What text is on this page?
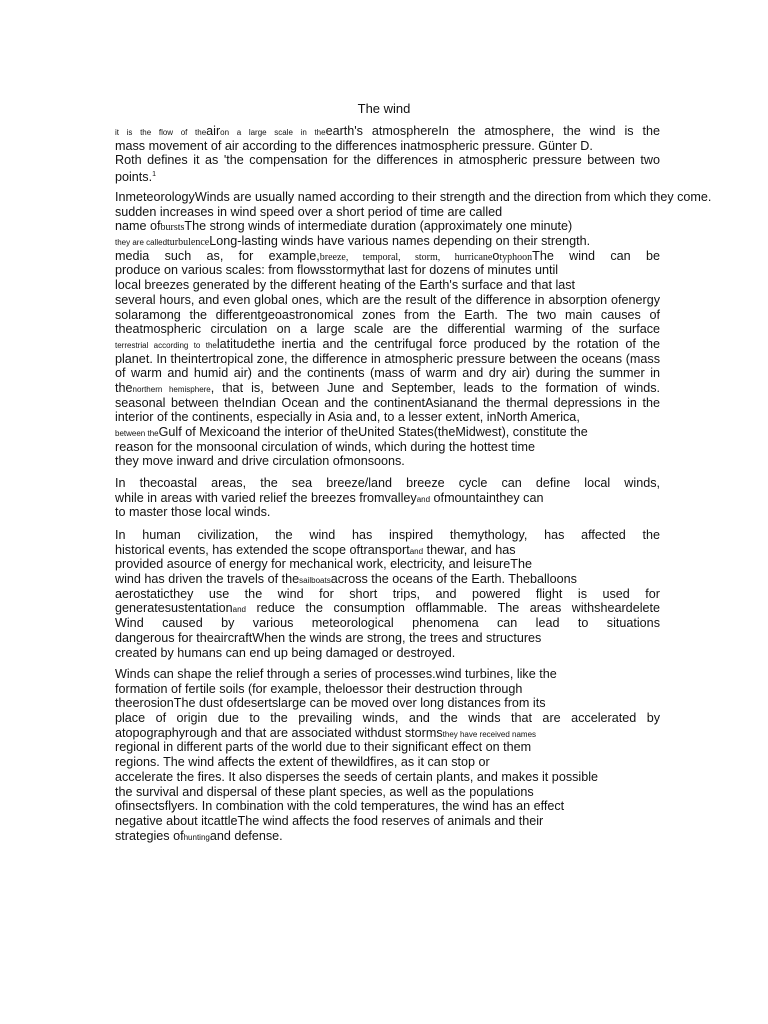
The wind
it is the flow of theairon a large scale in theearth's atmosphereIn the atmosphere, the wind is the
mass movement of air according to the differences inatmospheric pressure. Günter D.
Roth defines it as 'the compensation for the differences in atmospheric pressure between two
points.$^1$
InmeteorologyWinds are usually named according to their strength and the direction from which they come.
sudden increases in wind speed over a short period of time are called
name ofburstsThe strong winds of intermediate duration (approximately one minute)
they are calledturbulenceLong-lasting winds have various names depending on their strength.
media such as, for example,breeze, temporal, storm, hurricaneotyphoonThe wind can be
produce on various scales: from flowsstormythat last for dozens of minutes until
local breezes generated by the different heating of the Earth's surface and that last
several hours, and even global ones, which are the result of the difference in absorption ofenergy
solaramong the differentgeoastronomical zones from the Earth. The two main causes of
theatmospheric circulation on a large scale are the differential warming of the surface
terrestrial according to thelatitudethe inertia and the centrifugal force produced by the rotation of the
planet. In theintertropical zone, the difference in atmospheric pressure between the oceans (mass
of warm and humid air) and the continents (mass of warm and dry air) during the summer in
thenorthern hemisphere, that is, between June and September, leads to the formation of winds.
seasonal between theIndian Ocean and the continentAsianand the thermal depressions in the
interior of the continents, especially in Asia and, to a lesser extent, inNorth America,
between theGulf of Mexicoand the interior of theUnited States(theMidwest), constitute the
reason for the monsoonal circulation of winds, which during the hottest time
they move inward and drive circulation ofmonsoons.
In thecoastal areas, the sea breeze/land breeze cycle can define local winds,
while in areas with varied relief the breezes fromvalleyand ofmountainthey can
to master those local winds.
In human civilization, the wind has inspired themythology, has affected the
historical events, has extended the scope oftransportand thewar, and has
provided asource of energy for mechanical work, electricity, and leisureThe
wind has driven the travels of thesailboatsacross the oceans of the Earth. Theballoons
aerostaticthey use the wind for short trips, and powered flight is used for
generatesustentationand reduce the consumption offlammable. The areas withsheardelete
Wind caused by various meteorological phenomena can lead to situations
dangerous for theaircraftWhen the winds are strong, the trees and structures
created by humans can end up being damaged or destroyed.
Winds can shape the relief through a series of processes.wind turbines, like the
formation of fertile soils (for example, theloessor their destruction through
theerosionThe dust ofdesertslarge can be moved over long distances from its
place of origin due to the prevailing winds, and the winds that are accelerated by
atopographyrough and that are associated withdust stormsthey have received names
regional in different parts of the world due to their significant effect on them
regions. The wind affects the extent of thewildfires, as it can stop or
accelerate the fires. It also disperses the seeds of certain plants, and makes it possible
the survival and dispersal of these plant species, as well as the populations
ofinsectsflyers. In combination with the cold temperatures, the wind has an effect
negative about itcattleThe wind affects the food reserves of animals and their
strategies ofhuntingand defense.
